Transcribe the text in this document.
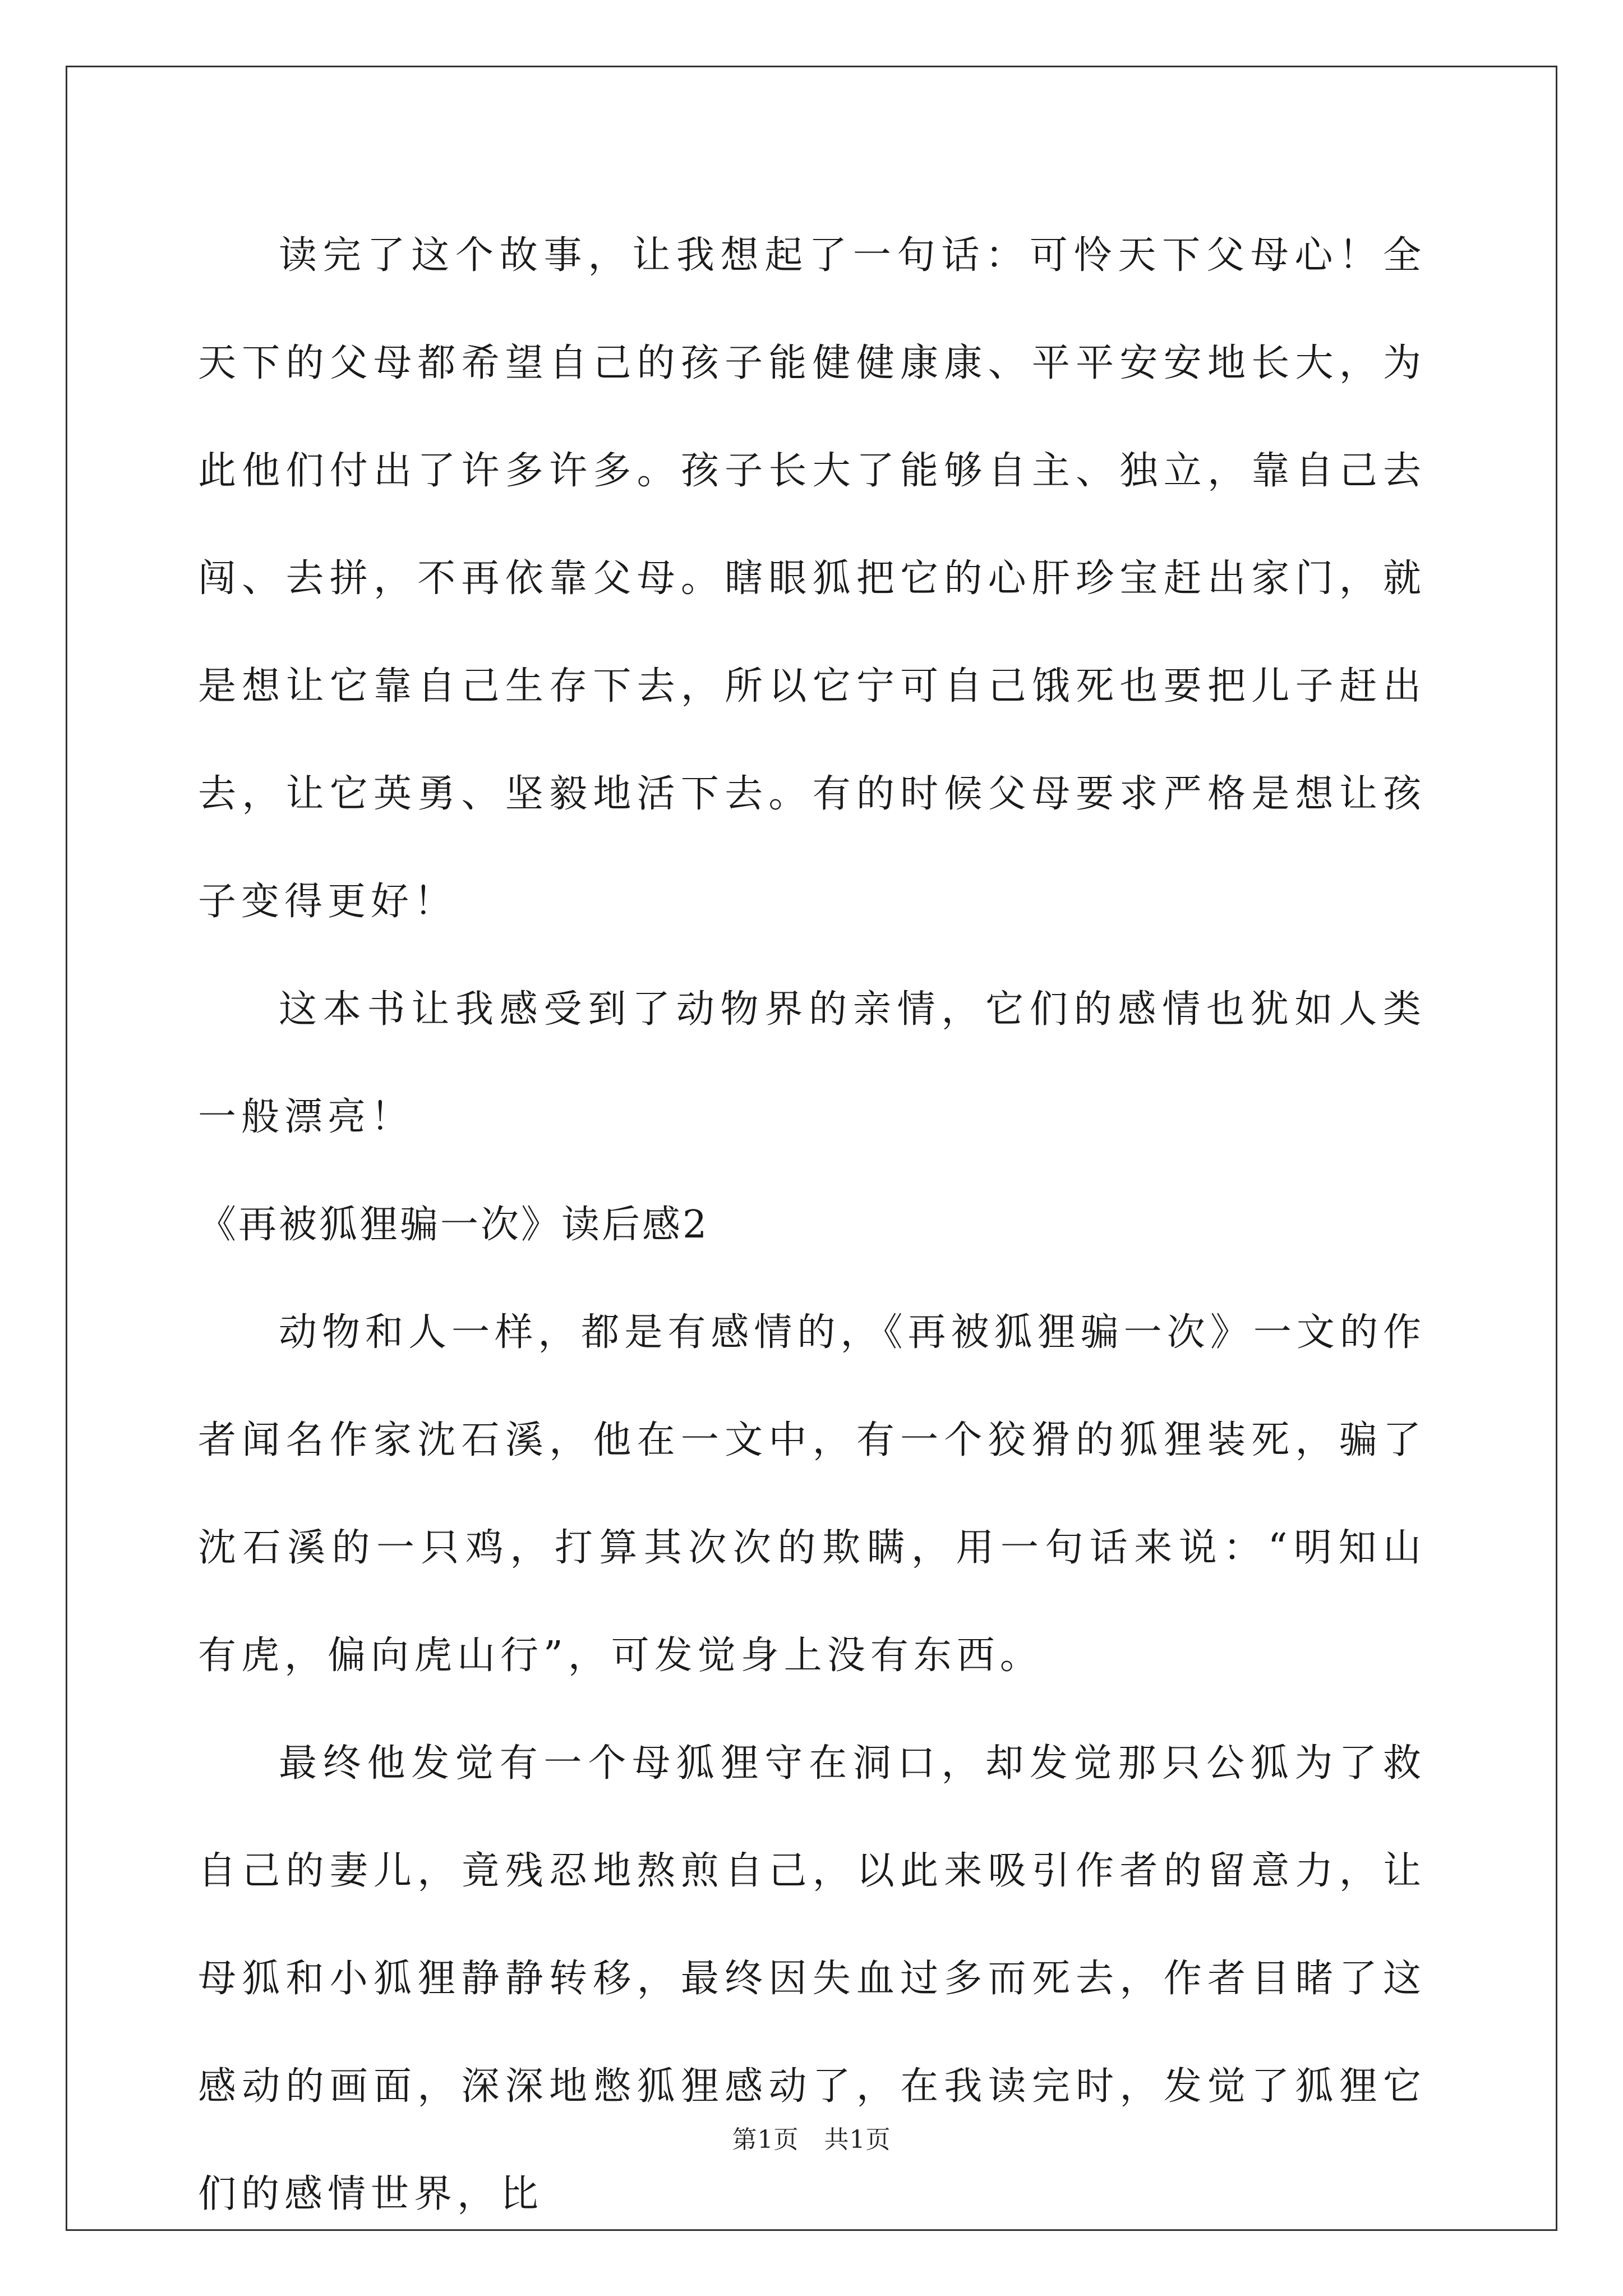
读完了这个故事，让我想起了一句话：可怜天下父母心！全天下的父母都希望自己的孩子能健健康康、平平安安地长大，为此他们付出了许多许多。孩子长大了能够自主、独立，靠自己去闯、去拼，不再依靠父母。瞎眼狐把它的心肝珍宝赶出家门，就是想让它靠自己生存下去，所以它宁可自己饿死也要把儿子赶出去，让它英勇、坚毅地活下去。有的时候父母要求严格是想让孩子变得更好！

这本书让我感受到了动物界的亲情，它们的感情也犹如人类一般漂亮！

《再被狐狸骗一次》读后感2

动物和人一样，都是有感情的，《再被狐狸骗一次》一文的作者闻名作家沈石溪，他在一文中，有一个狡猾的狐狸装死，骗了沈石溪的一只鸡，打算其次次的欺瞒，用一句话来说：“明知山有虎，偏向虎山行”，可发觉身上没有东西。

最终他发觉有一个母狐狸守在洞口，却发觉那只公狐为了救自己的妻儿，竟残忍地熬煎自己，以此来吸引作者的留意力，让母狐和小狐狸静静转移，最终因失血过多而死去，作者目睹了这感动的画面，深深地憋狐狸感动了，在我读完时，发觉了狐狸它们的感情世界，比

第1页　共1页
